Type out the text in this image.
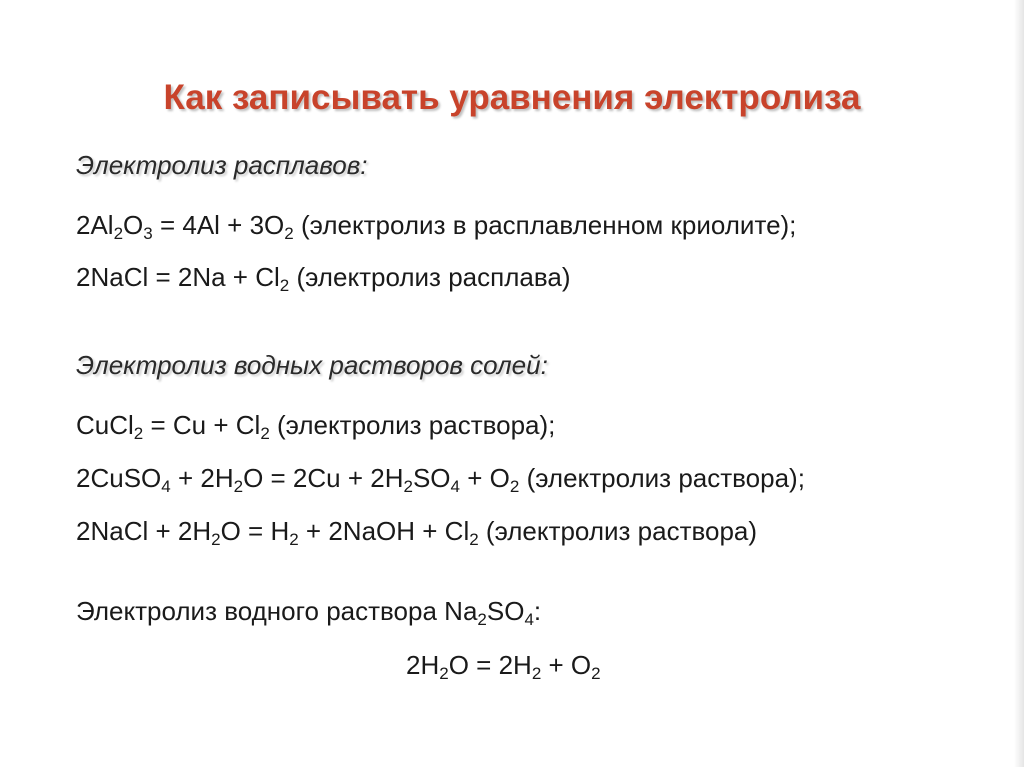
Как записывать уравнения электролиза
Электролиз расплавов:
$2Al_2O_3 = 4Al + 3O_2$ (электролиз в расплавленном криолите);
2NaCl = $2Na + Cl_2$ (электролиз расплава)
Электролиз водных растворов солей:
CuCl$_2$ = $Cu + Cl_2$ (электролиз раствора);
2CuSO$_4$ + $2H_2O = 2Cu + 2H_2SO_4 + O_2$ (электролиз раствора);
2NaCl + $2H_2O = H_2$ + 2NaOH + $Cl_2$ (электролиз раствора)
Электролиз водного раствора $Na_2SO_4$:
$2H_2O = 2H_2 + O_2$
